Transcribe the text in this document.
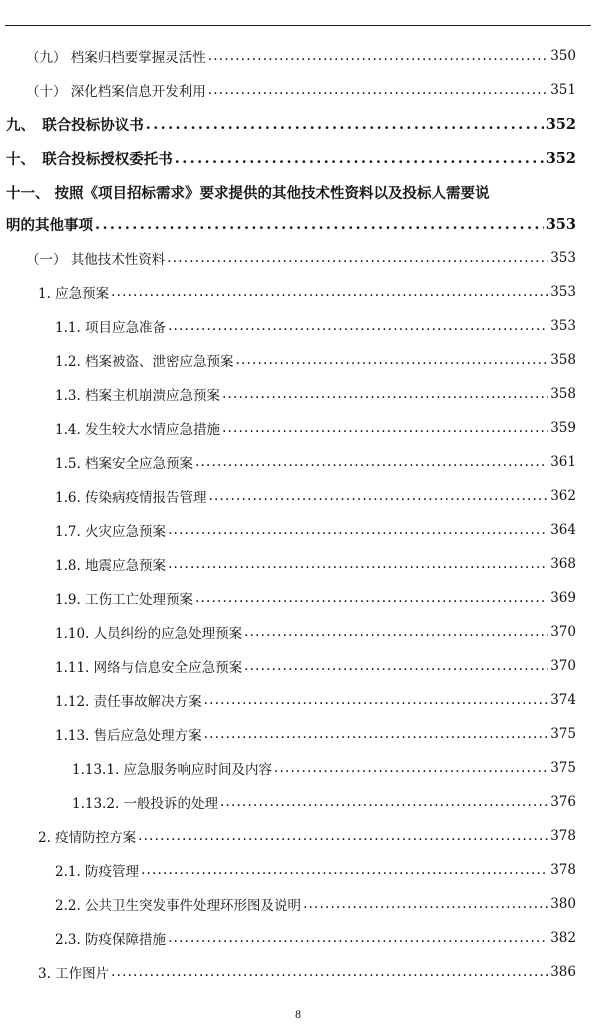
（九） 档案归档要掌握灵活性 .....	350
（十） 深化档案信息开发利用 .....	351
九、　联合投标协议书 .....	352
十、　联合投标授权委托书 .....	352
十一、 按照《项目招标需求》要求提供的其他技术性资料以及投标人需要说
明的其他事项 .....	353
（一） 其他技术性资料 .....	353
1. 应急预案 .....	353
1.1. 项目应急准备 .....	353
1.2. 档案被盗、泄密应急预案 .....	358
1.3. 档案主机崩溃应急预案 .....	358
1.4. 发生较大水情应急措施 .....	359
1.5. 档案安全应急预案 .....	361
1.6. 传染病疫情报告管理 .....	362
1.7. 火灾应急预案 .....	364
1.8. 地震应急预案 .....	368
1.9. 工伤工亡处理预案 .....	369
1.10. 人员纠纷的应急处理预案 .....	370
1.11. 网络与信息安全应急预案 .....	370
1.12. 责任事故解决方案 .....	374
1.13. 售后应急处理方案 .....	375
1.13.1. 应急服务响应时间及内容 .....	375
1.13.2. 一般投诉的处理 .....	376
2. 疫情防控方案 .....	378
2.1. 防疫管理 .....	378
2.2. 公共卫生突发事件处理环形图及说明 .....	380
2.3. 防疫保障措施 .....	382
3. 工作图片 .....	386
8
